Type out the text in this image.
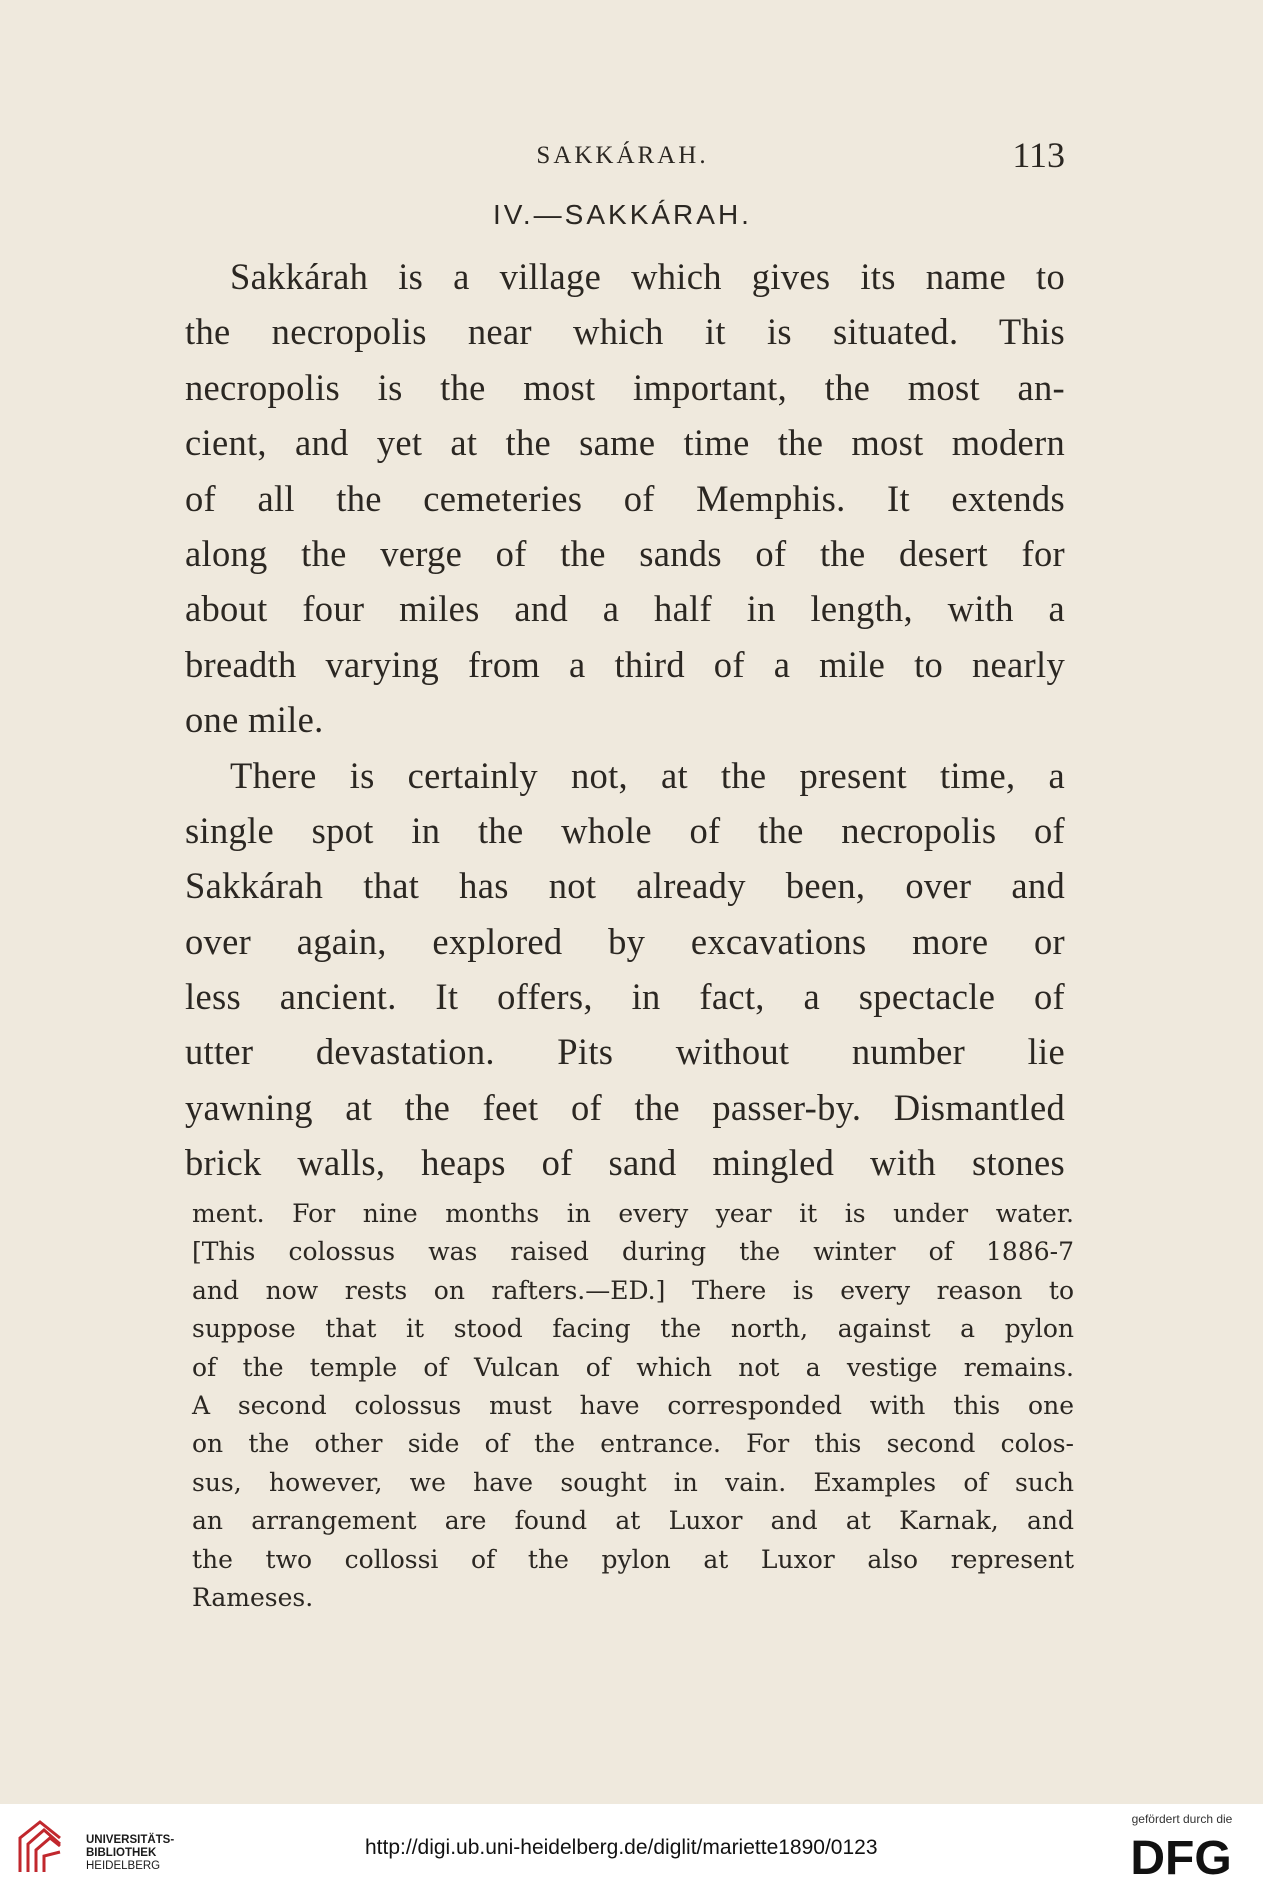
SAKKÁRAH.	113
IV.—SAKKÁRAH.

Sakkárah is a village which gives its name to
the necropolis near which it is situated. This
necropolis is the most important, the most an-
cient, and yet at the same time the most modern
of all the cemeteries of Memphis. It extends
along the verge of the sands of the desert for
about four miles and a half in length, with a
breadth varying from a third of a mile to nearly
one mile.

There is certainly not, at the present time, a
single spot in the whole of the necropolis of
Sakkárah that has not already been, over and
over again, explored by excavations more or
less ancient. It offers, in fact, a spectacle of
utter devastation. Pits without number lie
yawning at the feet of the passer-by. Dismantled
brick walls, heaps of sand mingled with stones

ment. For nine months in every year it is under water.
[This colossus was raised during the winter of 1886-7
and now rests on rafters.—ED.] There is every reason to
suppose that it stood facing the north, against a pylon
of the temple of Vulcan of which not a vestige remains.
A second colossus must have corresponded with this one
on the other side of the entrance. For this second colos-
sus, however, we have sought in vain. Examples of such
an arrangement are found at Luxor and at Karnak, and
the two collossi of the pylon at Luxor also represent
Rameses.
UNIVERSITÄTS-
BIBLIOTHEK
HEIDELBERG
http://digi.ub.uni-heidelberg.de/diglit/mariette1890/0123
gefördert durch die
DFG
